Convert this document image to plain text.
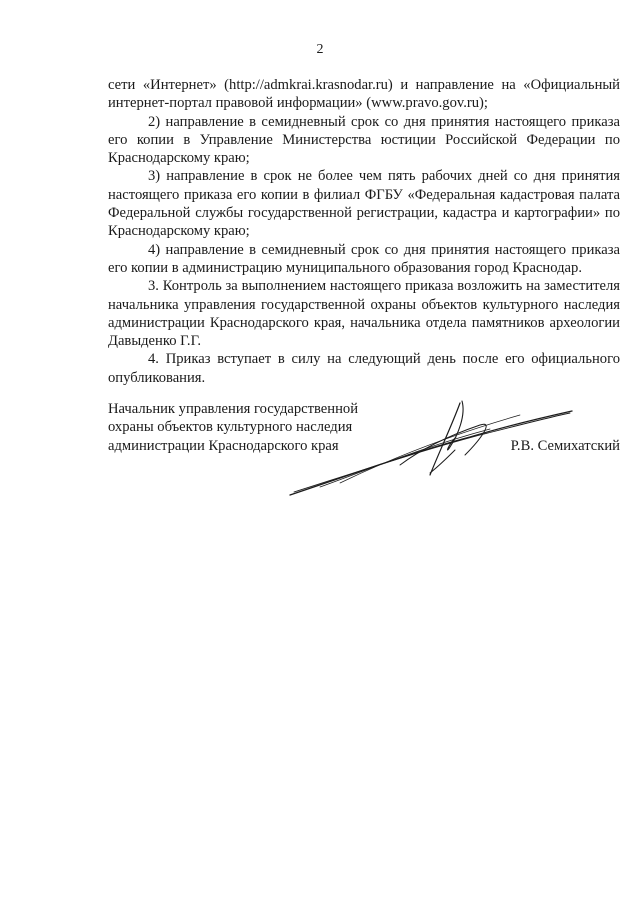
2

сети «Интернет» (http://admkrai.krasnodar.ru) и направление на «Официальный интернет-портал правовой информации» (www.pravo.gov.ru);

2) направление в семидневный срок со дня принятия настоящего приказа его копии в Управление Министерства юстиции Российской Федерации по Краснодарскому краю;

3) направление в срок не более чем пять рабочих дней со дня принятия настоящего приказа его копии в филиал ФГБУ «Федеральная кадастровая палата Федеральной службы государственной регистрации, кадастра и картографии» по Краснодарскому краю;

4) направление в семидневный срок со дня принятия настоящего приказа его копии в администрацию муниципального образования город Краснодар.

3. Контроль за выполнением настоящего приказа возложить на заместителя начальника управления государственной охраны объектов культурного наследия администрации Краснодарского края, начальника отдела памятников археологии Давыденко Г.Г.

4. Приказ вступает в силу на следующий день после его официального опубликования.

Начальник управления государственной
охраны объектов культурного наследия
администрации Краснодарского края	Р.В. Семихатский
